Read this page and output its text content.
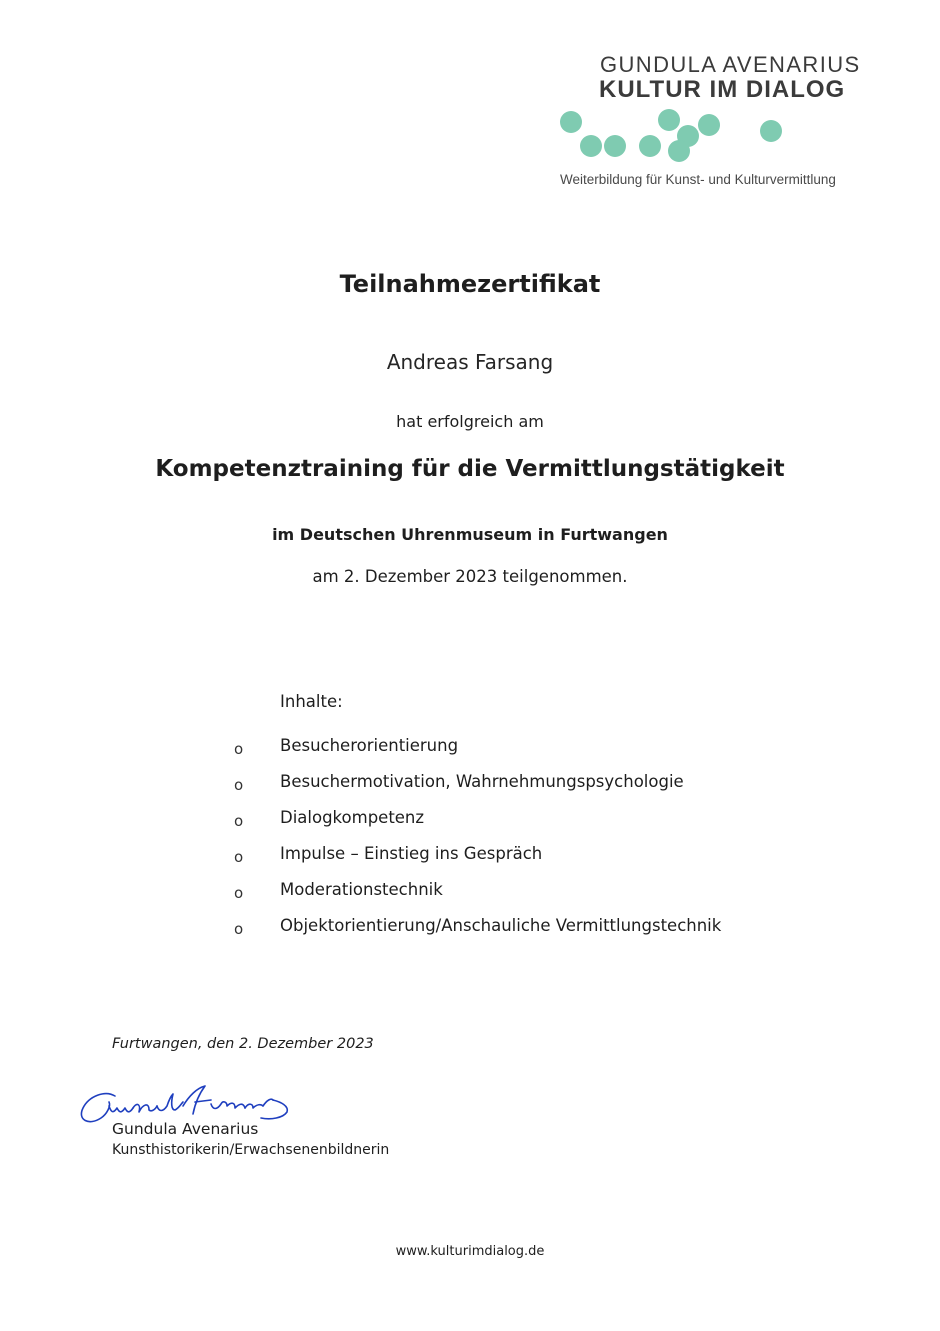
GUNDULA AVENARIUS
KULTUR IM DIALOG
Weiterbildung für Kunst- und Kulturvermittlung
Teilnahmezertifikat
Andreas Farsang
hat erfolgreich am
Kompetenztraining für die Vermittlungstätigkeit
im Deutschen Uhrenmuseum in Furtwangen
am 2. Dezember 2023 teilgenommen.
Inhalte:
o Besucherorientierung
o Besuchermotivation, Wahrnehmungspsychologie
o Dialogkompetenz
o Impulse – Einstieg ins Gespräch
o Moderationstechnik
o Objektorientierung/Anschauliche Vermittlungstechnik
Furtwangen, den 2. Dezember 2023
Gundula Avenarius
Kunsthistorikerin/Erwachsenenbildnerin
www.kulturimdialog.de
